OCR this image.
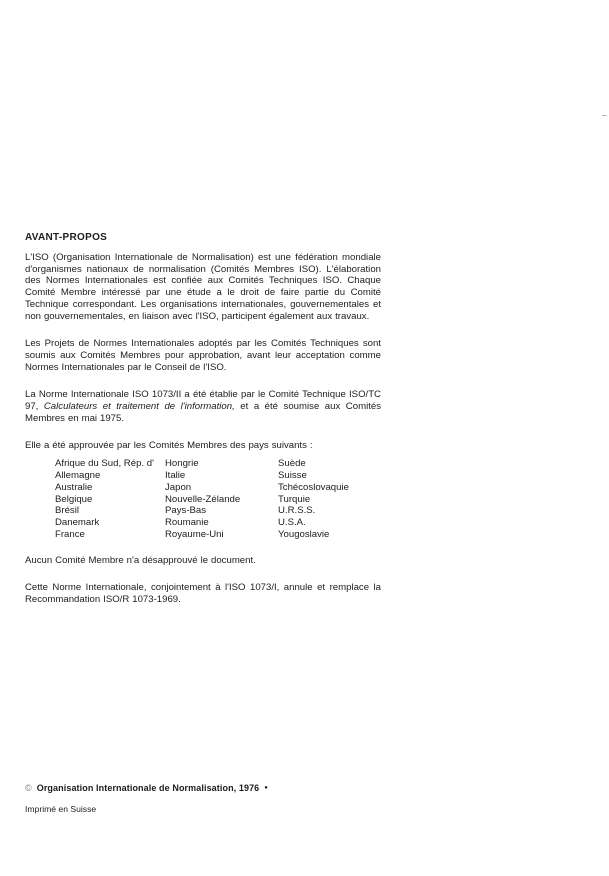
AVANT-PROPOS

L'ISO (Organisation Internationale de Normalisation) est une fédération mondiale d'organismes nationaux de normalisation (Comités Membres ISO). L'élaboration des Normes Internationales est confiée aux Comités Techniques ISO. Chaque Comité Membre intéressé par une étude a le droit de faire partie du Comité Technique correspondant. Les organisations internationales, gouvernementales et non gouvernementales, en liaison avec l'ISO, participent également aux travaux.

Les Projets de Normes Internationales adoptés par les Comités Techniques sont soumis aux Comités Membres pour approbation, avant leur acceptation comme Normes Internationales par le Conseil de l'ISO.

La Norme Internationale ISO 1073/II a été établie par le Comité Technique ISO/TC 97, Calculateurs et traitement de l'information, et a été soumise aux Comités Membres en mai 1975.

Elle a été approuvée par les Comités Membres des pays suivants :

Afrique du Sud, Rép. d'
Allemagne
Australie
Belgique
Brésil
Danemark
France
Hongrie
Italie
Japon
Nouvelle-Zélande
Pays-Bas
Roumanie
Royaume-Uni
Suède
Suisse
Tchécoslovaquie
Turquie
U.R.S.S.
U.S.A.
Yougoslavie

Aucun Comité Membre n'a désapprouvé le document.

Cette Norme Internationale, conjointement à l'ISO 1073/I, annule et remplace la Recommandation ISO/R 1073-1969.

© Organisation Internationale de Normalisation, 1976 ●
Imprimé en Suisse
